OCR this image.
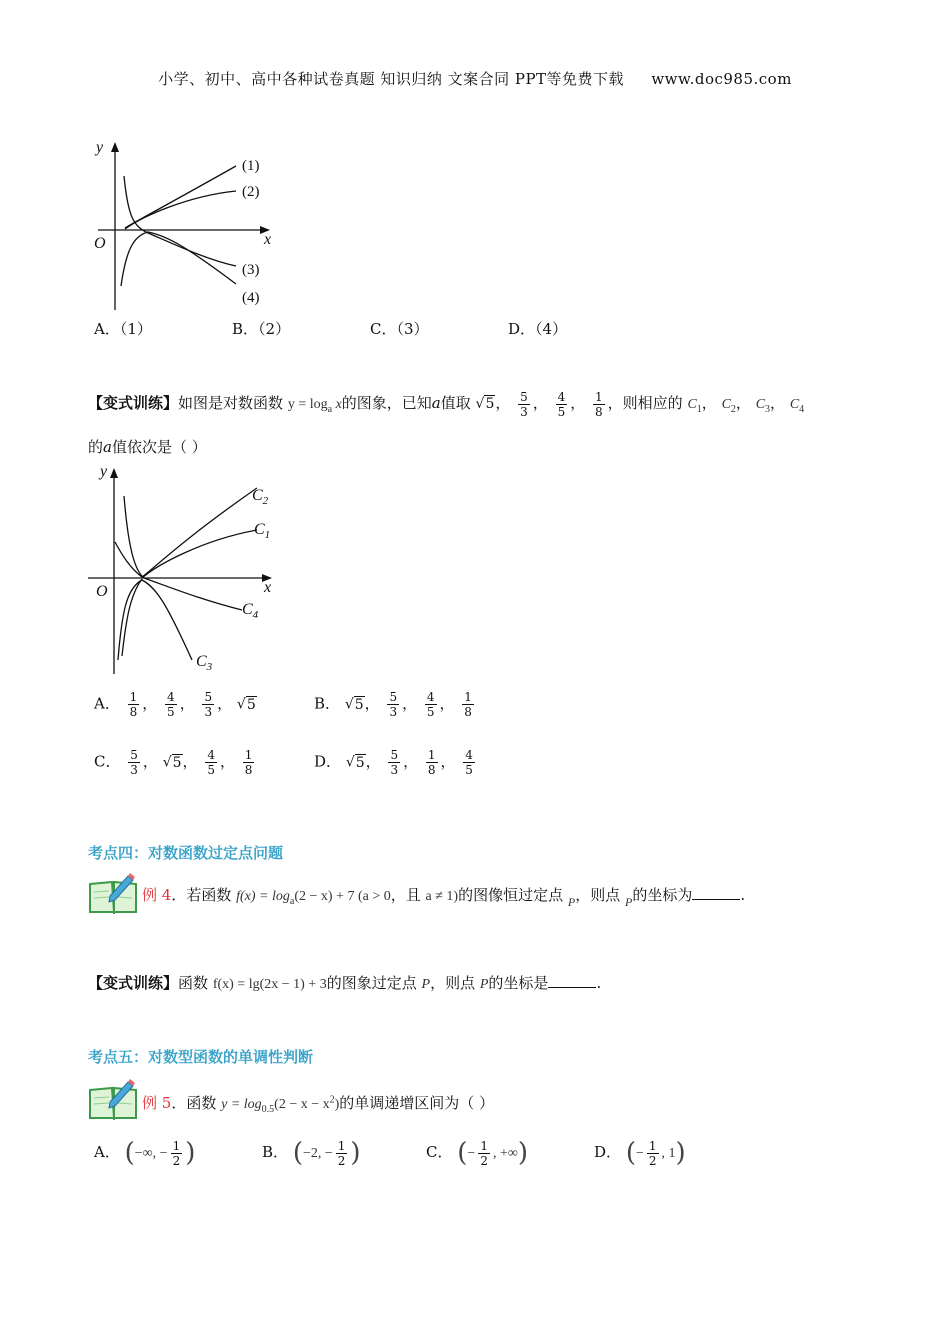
小学、初中、高中各种试卷真题 知识归纳 文案合同 PPT等免费下载 www.doc985.com
x
y
O
(1)
(2)
(3)
(4)
A．（1）	B．（2）	C．（3）	D．（4）
【变式训练】如图是对数函数 $y = \log_a x$的图象，已知a值取 √5， $\frac{5}{3}$ ， $\frac{4}{5}$ ， $\frac{1}{8}$ ，则相应的 $C_1$， $C_2$， $C_3$， $C_4$
的a值依次是（ ）
x
y
O
$C_2$
$C_1$
$C_4$
$C_3$
A． $\frac{1}{8}$ ， $\frac{4}{5}$ ， $\frac{5}{3}$ ， √5	B． √5， $\frac{5}{3}$ ， $\frac{4}{5}$ ， $\frac{1}{8}$
C． $\frac{5}{3}$ ， √5， $\frac{4}{5}$ ， $\frac{1}{8}$	D． √5， $\frac{5}{3}$ ， $\frac{1}{8}$ ， $\frac{4}{5}$
考点四：对数函数过定点问题
例 4．若函数 $f(x) = \log_a(2 - x) + 7$ (a > 0，且 a ≠ 1)的图像恒过定点 $_P$，则点 $_P$的坐标为	.
【变式训练】函数 f(x) = lg(2x − 1) + 3的图象过定点 P，则点 P的坐标是	.
考点五：对数型函数的单调性判断
例 5．函数 $y = \log_{0.5}(2 - x - x^2)$的单调递增区间为（ ）
A． (−∞, − $\frac{1}{2}$ )	B． (−2, − $\frac{1}{2}$ )	C． (− $\frac{1}{2}$ , +∞)	D． (− $\frac{1}{2}$ , 1)
